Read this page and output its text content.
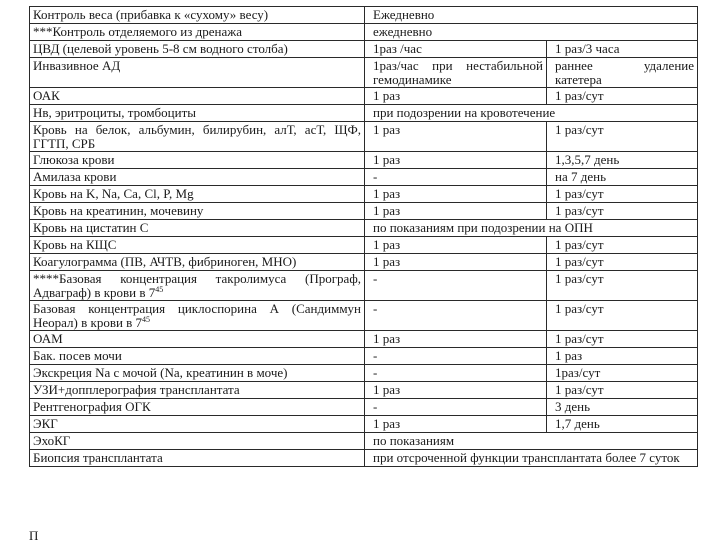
Контроль веса (прибавка к «сухому» весу)	Ежедневно	
***Контроль отделяемого из дренажа	ежедневно	
ЦВД (целевой уровень 5-8 см водного столба)	1раз /час	1 раз/3 часа
Инвазивное АД	1раз/час при нестабильной гемодинамике	раннее удаление катетера
ОАК	1 раз	1 раз/сут
Нв, эритроциты, тромбоциты	при подозрении на кровотечение	
Кровь на белок, альбумин, билирубин, алТ, асТ, ЩФ, ГГТП, СРБ	1 раз	1 раз/сут
Глюкоза крови	1 раз	1,3,5,7 день
Амилаза крови	-	на 7 день
Кровь на K, Na, Ca, Cl, P, Mg	1 раз	1 раз/сут
Кровь на креатинин, мочевину	1 раз	1 раз/сут
Кровь на цистатин С	по показаниям при подозрении на ОПН	
Кровь на КЩС	1 раз	1 раз/сут
Коагулограмма (ПВ, АЧТВ, фибриноген, МНО)	1 раз	1 раз/сут
****Базовая концентрация такролимуса (Програф, Адваграф) в крови в $7^{45}$	-	1 раз/сут
Базовая концентрация циклоспорина А (Сандиммун Неорал) в крови в $7^{45}$	-	1 раз/сут
ОАМ	1 раз	1 раз/сут
Бак. посев мочи	-	1 раз
Экскреция Na с мочой (Na, креатинин в моче)	-	1раз/сут
УЗИ+допплерография трансплантата	1 раз	1 раз/сут
Рентгенография ОГК	-	3 день
ЭКГ	1 раз	1,7 день
ЭхоКГ	по показаниям	
Биопсия трансплантата	при отсроченной функции трансплантата более 7 суток	
П
